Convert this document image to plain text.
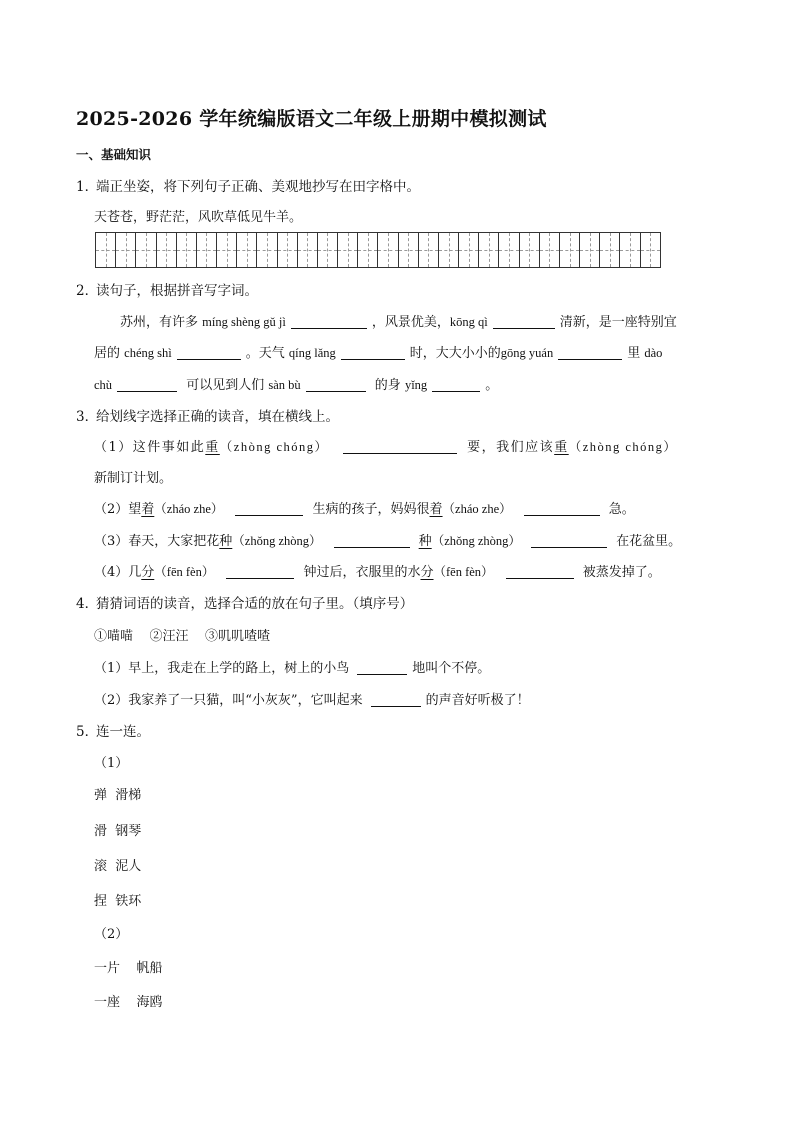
2025-2026 学年统编版语文二年级上册期中模拟测试
一、基础知识
1．端正坐姿，将下列句子正确、美观地抄写在田字格中。
天苍苍，野茫茫，风吹草低见牛羊。
2．读句子，根据拼音写字词。
苏州，有许多 míng shèng gǔ jì	，风景优美，kōng qì	清新，是一座特别宜
居的 chéng shì	。天气 qíng lǎng	时，大大小小的gōng yuán	里 dào
chù	可以见到人们 sàn bù	的身 yǐng	。
3．给划线字选择正确的读音，填在横线上。
（1）这件事如此重（zhòng chóng）	要，我们应该重（zhòng chóng）
新制订计划。
（2）望着（zháo zhe）	生病的孩子，妈妈很着（zháo zhe）	急。
（3）春天，大家把花种（zhǒng zhòng）	种（zhǒng zhòng）	在花盆里。
（4）几分（fēn fèn）	钟过后，衣服里的水分（fēn fèn）	被蒸发掉了。
4．猜猜词语的读音，选择合适的放在句子里。（填序号）
①喵喵    ②汪汪    ③叽叽喳喳
（1）早上，我走在上学的路上，树上的小鸟	地叫个不停。
（2）我家养了一只猫，叫“小灰灰”，它叫起来	的声音好听极了！
5．连一连。
（1）
弹  滑梯
滑  钢琴
滚  泥人
捏  铁环
（2）
一片    帆船
一座    海鸥
